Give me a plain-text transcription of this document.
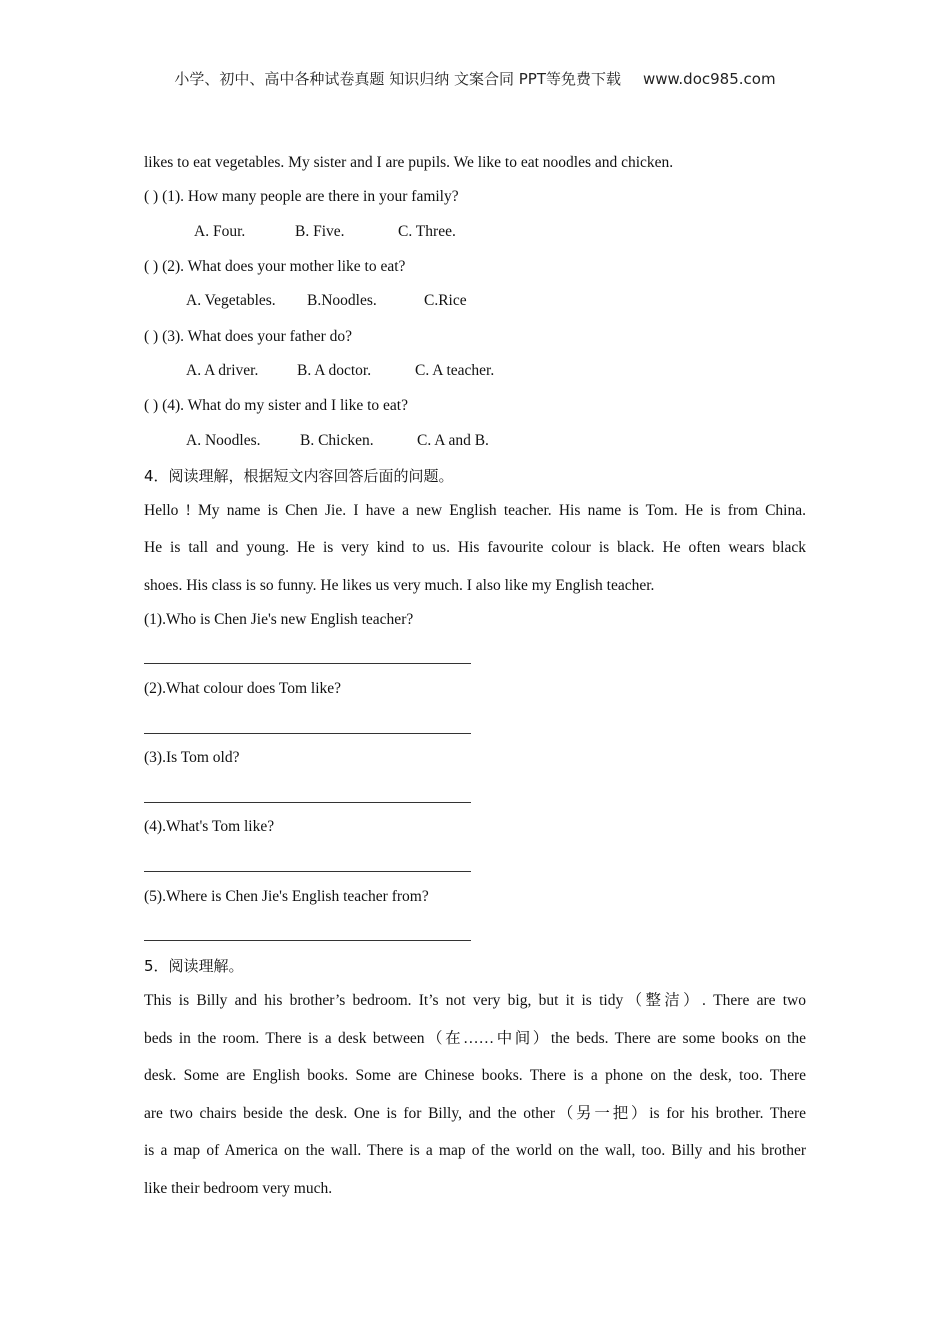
小学、初中、高中各种试卷真题 知识归纳 文案合同 PPT等免费下载 www.doc985.com
likes to eat vegetables. My sister and I are pupils. We like to eat noodles and chicken.
( ) (1). How many people are there in your family?
A. Four.	B. Five.	C. Three.
( ) (2). What does your mother like to eat?
A. Vegetables. B.Noodles.	C.Rice
( ) (3). What does your father do?
A. A driver. B. A doctor.	C. A teacher.
( ) (4). What do my sister and I like to eat?
A. Noodles.	B. Chicken.	C. A and B.
4．阅读理解，根据短文内容回答后面的问题。

Hello ! My name is Chen Jie. I have a new English teacher. His name is Tom. He is from China.

He is tall and young. He is very kind to us. His favourite colour is black. He often wears black

shoes. His class is so funny. He likes us very much. I also like my English teacher.

(1).Who is Chen Jie's new English teacher?
(2).What colour does Tom like?
(3).Is Tom old?
(4).What's Tom like?
(5).Where is Chen Jie's English teacher from?
5．阅读理解。

This is Billy and his brother’s bedroom. It’s not very big, but it is tidy（整洁）. There are two

beds in the room. There is a desk between（在……中间）the beds. There are some books on the

desk. Some are English books. Some are Chinese books. There is a phone on the desk, too. There

are two chairs beside the desk. One is for Billy, and the other（另一把）is for his brother. There

is a map of America on the wall. There is a map of the world on the wall, too. Billy and his brother

like their bedroom very much.
